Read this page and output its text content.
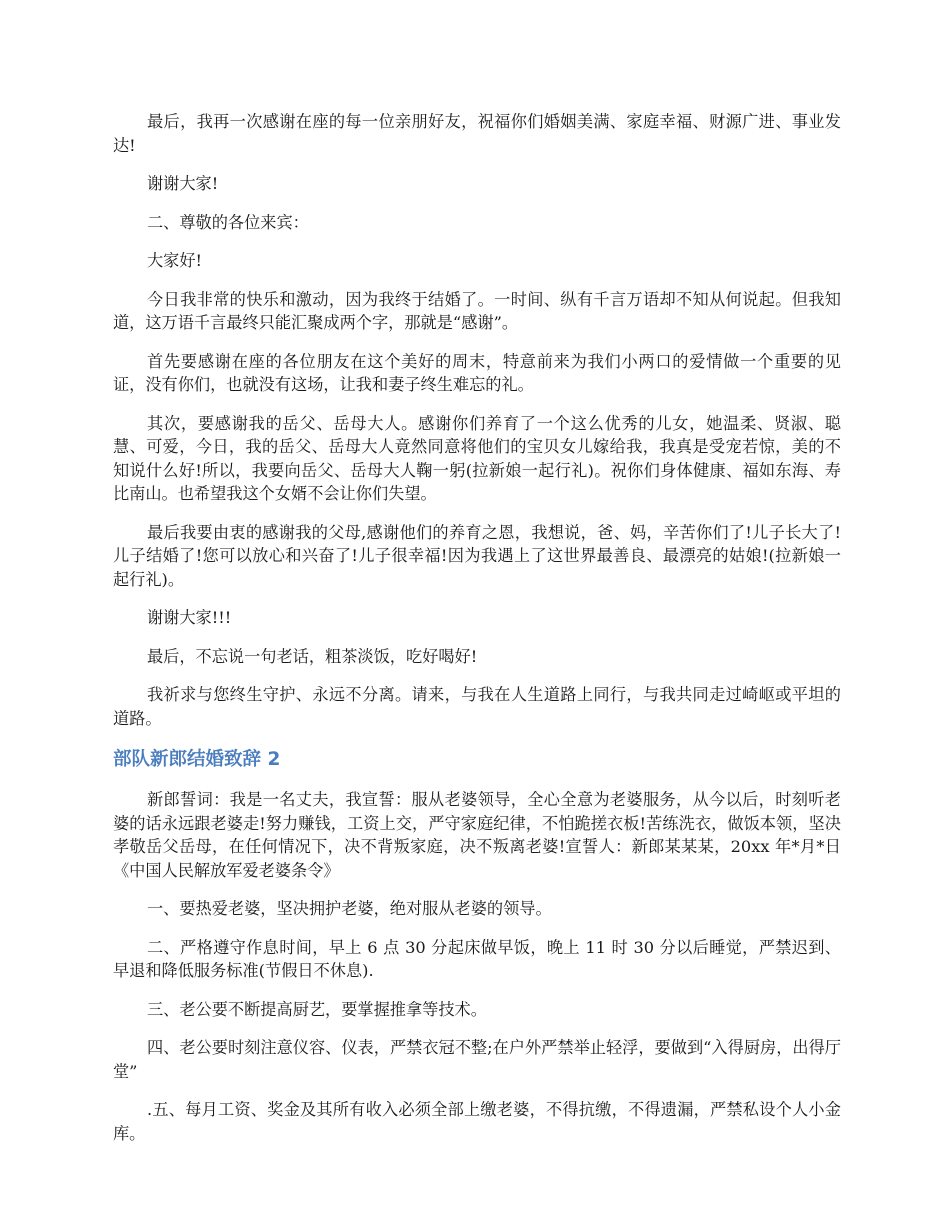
最后，我再一次感谢在座的每一位亲朋好友，祝福你们婚姻美满、家庭幸福、财源广进、事业发达!

谢谢大家!

二、尊敬的各位来宾：

大家好!

今日我非常的快乐和激动，因为我终于结婚了。一时间、纵有千言万语却不知从何说起。但我知道，这万语千言最终只能汇聚成两个字，那就是“感谢”。

首先要感谢在座的各位朋友在这个美好的周末，特意前来为我们小两口的爱情做一个重要的见证，没有你们，也就没有这场，让我和妻子终生难忘的礼。

其次，要感谢我的岳父、岳母大人。感谢你们养育了一个这么优秀的儿女，她温柔、贤淑、聪慧、可爱，今日，我的岳父、岳母大人竟然同意将他们的宝贝女儿嫁给我，我真是受宠若惊，美的不知说什么好!所以，我要向岳父、岳母大人鞠一躬(拉新娘一起行礼)。祝你们身体健康、福如东海、寿比南山。也希望我这个女婿不会让你们失望。

最后我要由衷的感谢我的父母,感谢他们的养育之恩，我想说，爸、妈，辛苦你们了!儿子长大了!儿子结婚了!您可以放心和兴奋了!儿子很幸福!因为我遇上了这世界最善良、最漂亮的姑娘!(拉新娘一起行礼)。

谢谢大家!!!

最后，不忘说一句老话，粗茶淡饭，吃好喝好!

我祈求与您终生守护、永远不分离。请来，与我在人生道路上同行，与我共同走过崎岖或平坦的道路。

部队新郎结婚致辞 2

新郎誓词：我是一名丈夫，我宣誓：服从老婆领导，全心全意为老婆服务，从今以后，时刻听老婆的话永远跟老婆走!努力赚钱，工资上交，严守家庭纪律，不怕跪搓衣板!苦练洗衣，做饭本领，坚决孝敬岳父岳母，在任何情况下，决不背叛家庭，决不叛离老婆!宣誓人：新郎某某某，20xx 年*月*日 《中国人民解放军爱老婆条令》

一、要热爱老婆，坚决拥护老婆，绝对服从老婆的领导。

二、严格遵守作息时间，早上 6 点 30 分起床做早饭，晚上 11 时 30 分以后睡觉，严禁迟到、早退和降低服务标准(节假日不休息).

三、老公要不断提高厨艺，要掌握推拿等技术。

四、老公要时刻注意仪容、仪表，严禁衣冠不整;在户外严禁举止轻浮，要做到“入得厨房，出得厅堂”

.五、每月工资、奖金及其所有收入必须全部上缴老婆，不得抗缴，不得遗漏，严禁私设个人小金库。
